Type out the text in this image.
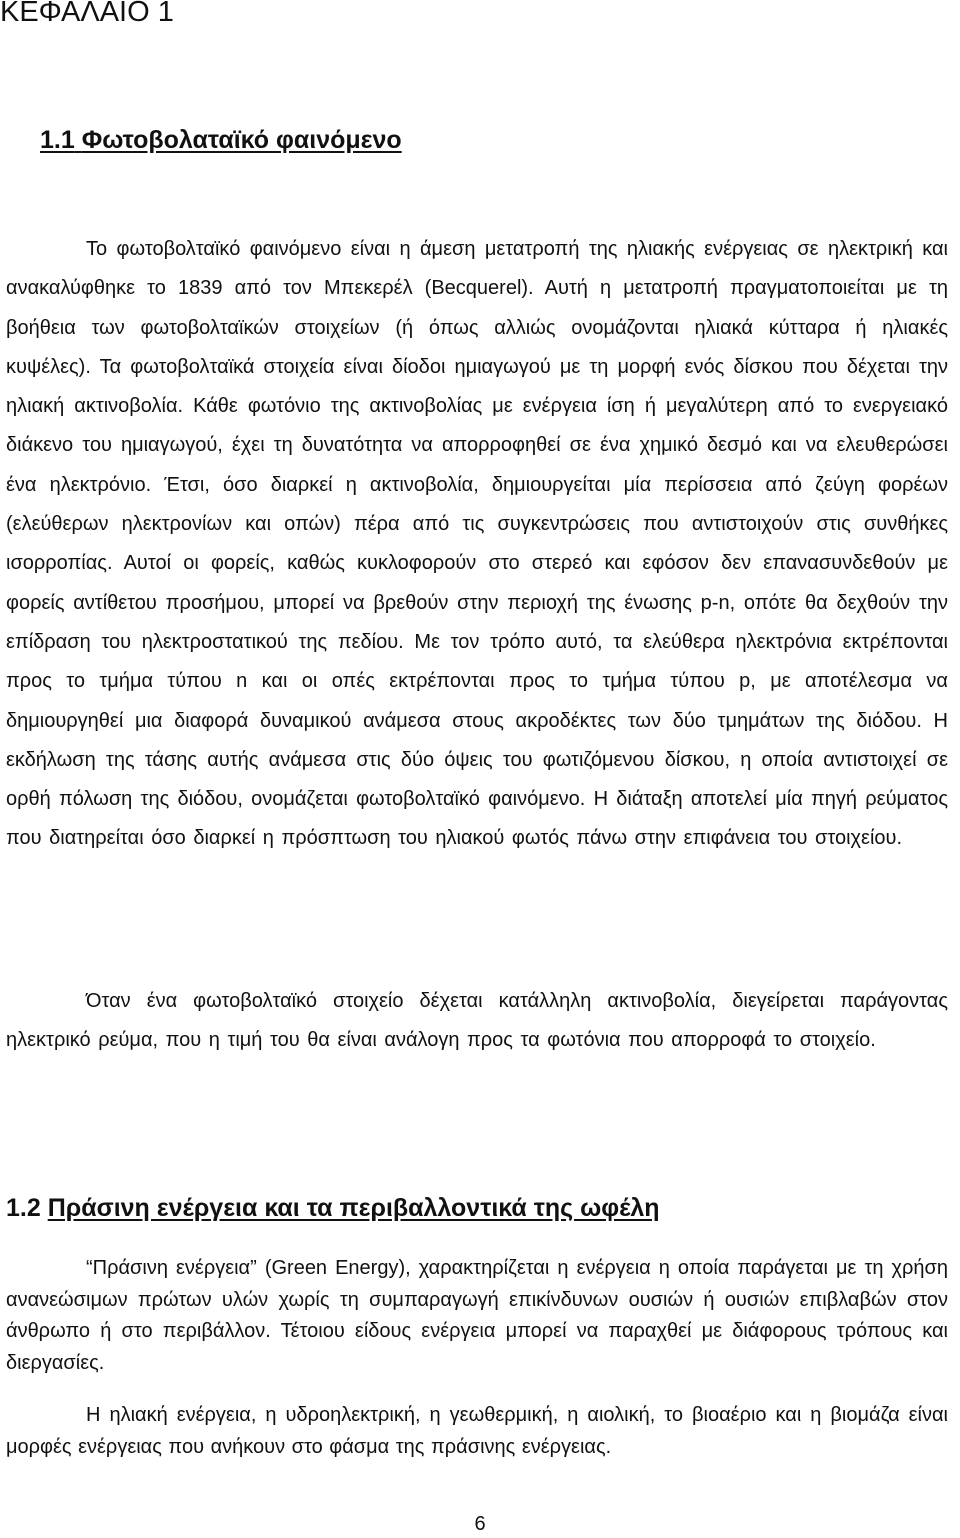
ΚΕΦΑΛΑΙΟ 1
1.1 Φωτοβολαταϊκό φαινόμενο

Το φωτοβολταϊκό φαινόμενο είναι η άμεση μετατροπή της ηλιακής ενέργειας σε ηλεκτρική και ανακαλύφθηκε το 1839 από τον Μπεκερέλ (Becquerel). Αυτή η μετατροπή πραγματοποιείται με τη βοήθεια των φωτοβολταϊκών στοιχείων (ή όπως αλλιώς ονομάζονται ηλιακά κύτταρα ή ηλιακές κυψέλες). Τα φωτοβολταϊκά στοιχεία είναι δίοδοι ημιαγωγού με τη μορφή ενός δίσκου που δέχεται την ηλιακή ακτινοβολία. Κάθε φωτόνιο της ακτινοβολίας με ενέργεια ίση ή μεγαλύτερη από το ενεργειακό διάκενο του ημιαγωγού, έχει τη δυνατότητα να απορροφηθεί σε ένα χημικό δεσμό και να ελευθερώσει ένα ηλεκτρόνιο. Έτσι, όσο διαρκεί η ακτινοβολία, δημιουργείται μία περίσσεια από ζεύγη φορέων (ελεύθερων ηλεκτρονίων και οπών) πέρα από τις συγκεντρώσεις που αντιστοιχούν στις συνθήκες ισορροπίας. Αυτοί οι φορείς, καθώς κυκλοφορούν στο στερεό και εφόσον δεν επανασυνδεθούν με φορείς αντίθετου προσήμου, μπορεί να βρεθούν στην περιοχή της ένωσης p-n, οπότε θα δεχθούν την επίδραση του ηλεκτροστατικού της πεδίου. Με τον τρόπο αυτό, τα ελεύθερα ηλεκτρόνια εκτρέπονται προς το τμήμα τύπου n και οι οπές εκτρέπονται προς το τμήμα τύπου p, με αποτέλεσμα να δημιουργηθεί μια διαφορά δυναμικού ανάμεσα στους ακροδέκτες των δύο τμημάτων της διόδου. Η εκδήλωση της τάσης αυτής ανάμεσα στις δύο όψεις του φωτιζόμενου δίσκου, η οποία αντιστοιχεί σε ορθή πόλωση της διόδου, ονομάζεται φωτοβολταϊκό φαινόμενο. Η διάταξη αποτελεί μία πηγή ρεύματος που διατηρείται όσο διαρκεί η πρόσπτωση του ηλιακού φωτός πάνω στην επιφάνεια του στοιχείου.

Όταν ένα φωτοβολταϊκό στοιχείο δέχεται κατάλληλη ακτινοβολία, διεγείρεται παράγοντας ηλεκτρικό ρεύμα, που η τιμή του θα είναι ανάλογη προς τα φωτόνια που απορροφά το στοιχείο.

1.2 Πράσινη ενέργεια και τα περιβαλλοντικά της ωφέλη

“Πράσινη ενέργεια” (Green Energy), χαρακτηρίζεται η ενέργεια η οποία παράγεται με τη χρήση ανανεώσιμων πρώτων υλών χωρίς τη συμπαραγωγή επικίνδυνων ουσιών ή ουσιών επιβλαβών στον άνθρωπο ή στο περιβάλλον. Τέτοιου είδους ενέργεια μπορεί να παραχθεί με διάφορους τρόπους και διεργασίες.

Η ηλιακή ενέργεια, η υδροηλεκτρική, η γεωθερμική, η αιολική, το βιοαέριο και η βιομάζα είναι μορφές ενέργειας που ανήκουν στο φάσμα της πράσινης ενέργειας.

6
